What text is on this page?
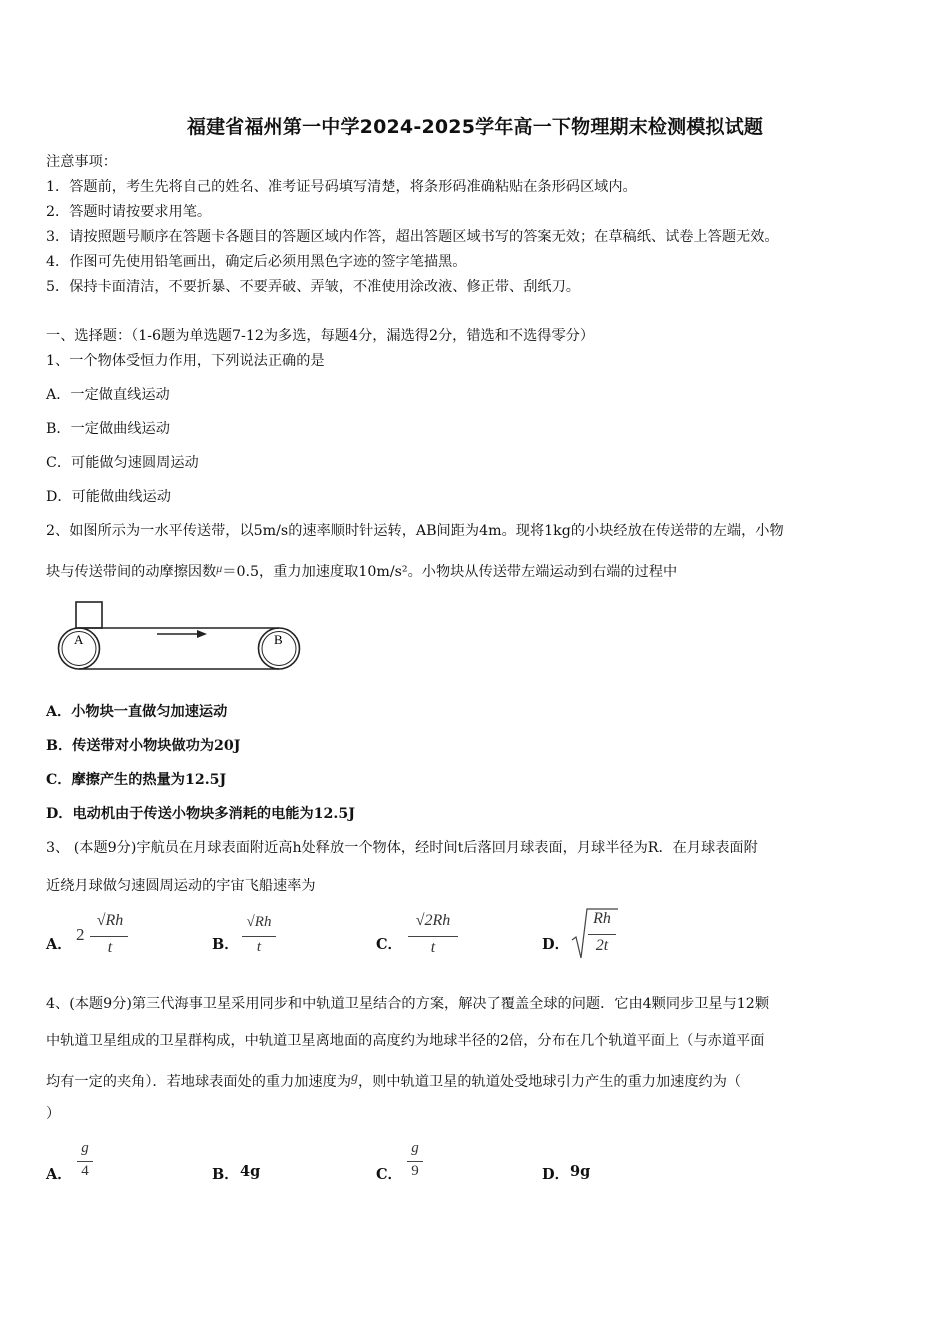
福建省福州第一中学2024-2025学年高一下物理期末检测模拟试题
注意事项：
1．答题前，考生先将自己的姓名、准考证号码填写清楚，将条形码准确粘贴在条形码区域内。
2．答题时请按要求用笔。
3．请按照题号顺序在答题卡各题目的答题区域内作答，超出答题区域书写的答案无效；在草稿纸、试卷上答题无效。
4．作图可先使用铅笔画出，确定后必须用黑色字迹的签字笔描黑。
5．保持卡面清洁，不要折暴、不要弄破、弄皱，不准使用涂改液、修正带、刮纸刀。
一、选择题：（1-6题为单选题7-12为多选，每题4分，漏选得2分，错选和不选得零分）
1、一个物体受恒力作用，下列说法正确的是
A．一定做直线运动
B．一定做曲线运动
C．可能做匀速圆周运动
D．可能做曲线运动
2、如图所示为一水平传送带，以5m/s的速率顺时针运转，AB间距为4m。现将1kg的小块经放在传送带的左端，小物
块与传送带间的动摩擦因数$^\mu$＝0.5，重力加速度取10m/s²。小物块从传送带左端运动到右端的过程中
A	B
A．小物块一直做匀加速运动
B．传送带对小物块做功为20J
C．摩擦产生的热量为12.5J
D．电动机由于传送小物块多消耗的电能为12.5J
3、 (本题9分)宇航员在月球表面附近高h处释放一个物体，经时间t后落回月球表面，月球半径为R．在月球表面附
近绕月球做匀速圆周运动的宇宙飞船速率为
A．
2
√Rh
t	B．
√Rh
t	C．
√2Rh
t	D．
Rh
2t
4、(本题9分)第三代海事卫星采用同步和中轨道卫星结合的方案，解决了覆盖全球的问题．它由4颗同步卫星与12颗
中轨道卫星组成的卫星群构成，中轨道卫星离地面的高度约为地球半径的2倍，分布在几个轨道平面上（与赤道平面
均有一定的夹角）．若地球表面处的重力加速度为g，则中轨道卫星的轨道处受地球引力产生的重力加速度约为（
）
A．
g
4	B． 4g	C．
g
9	D． 9g
